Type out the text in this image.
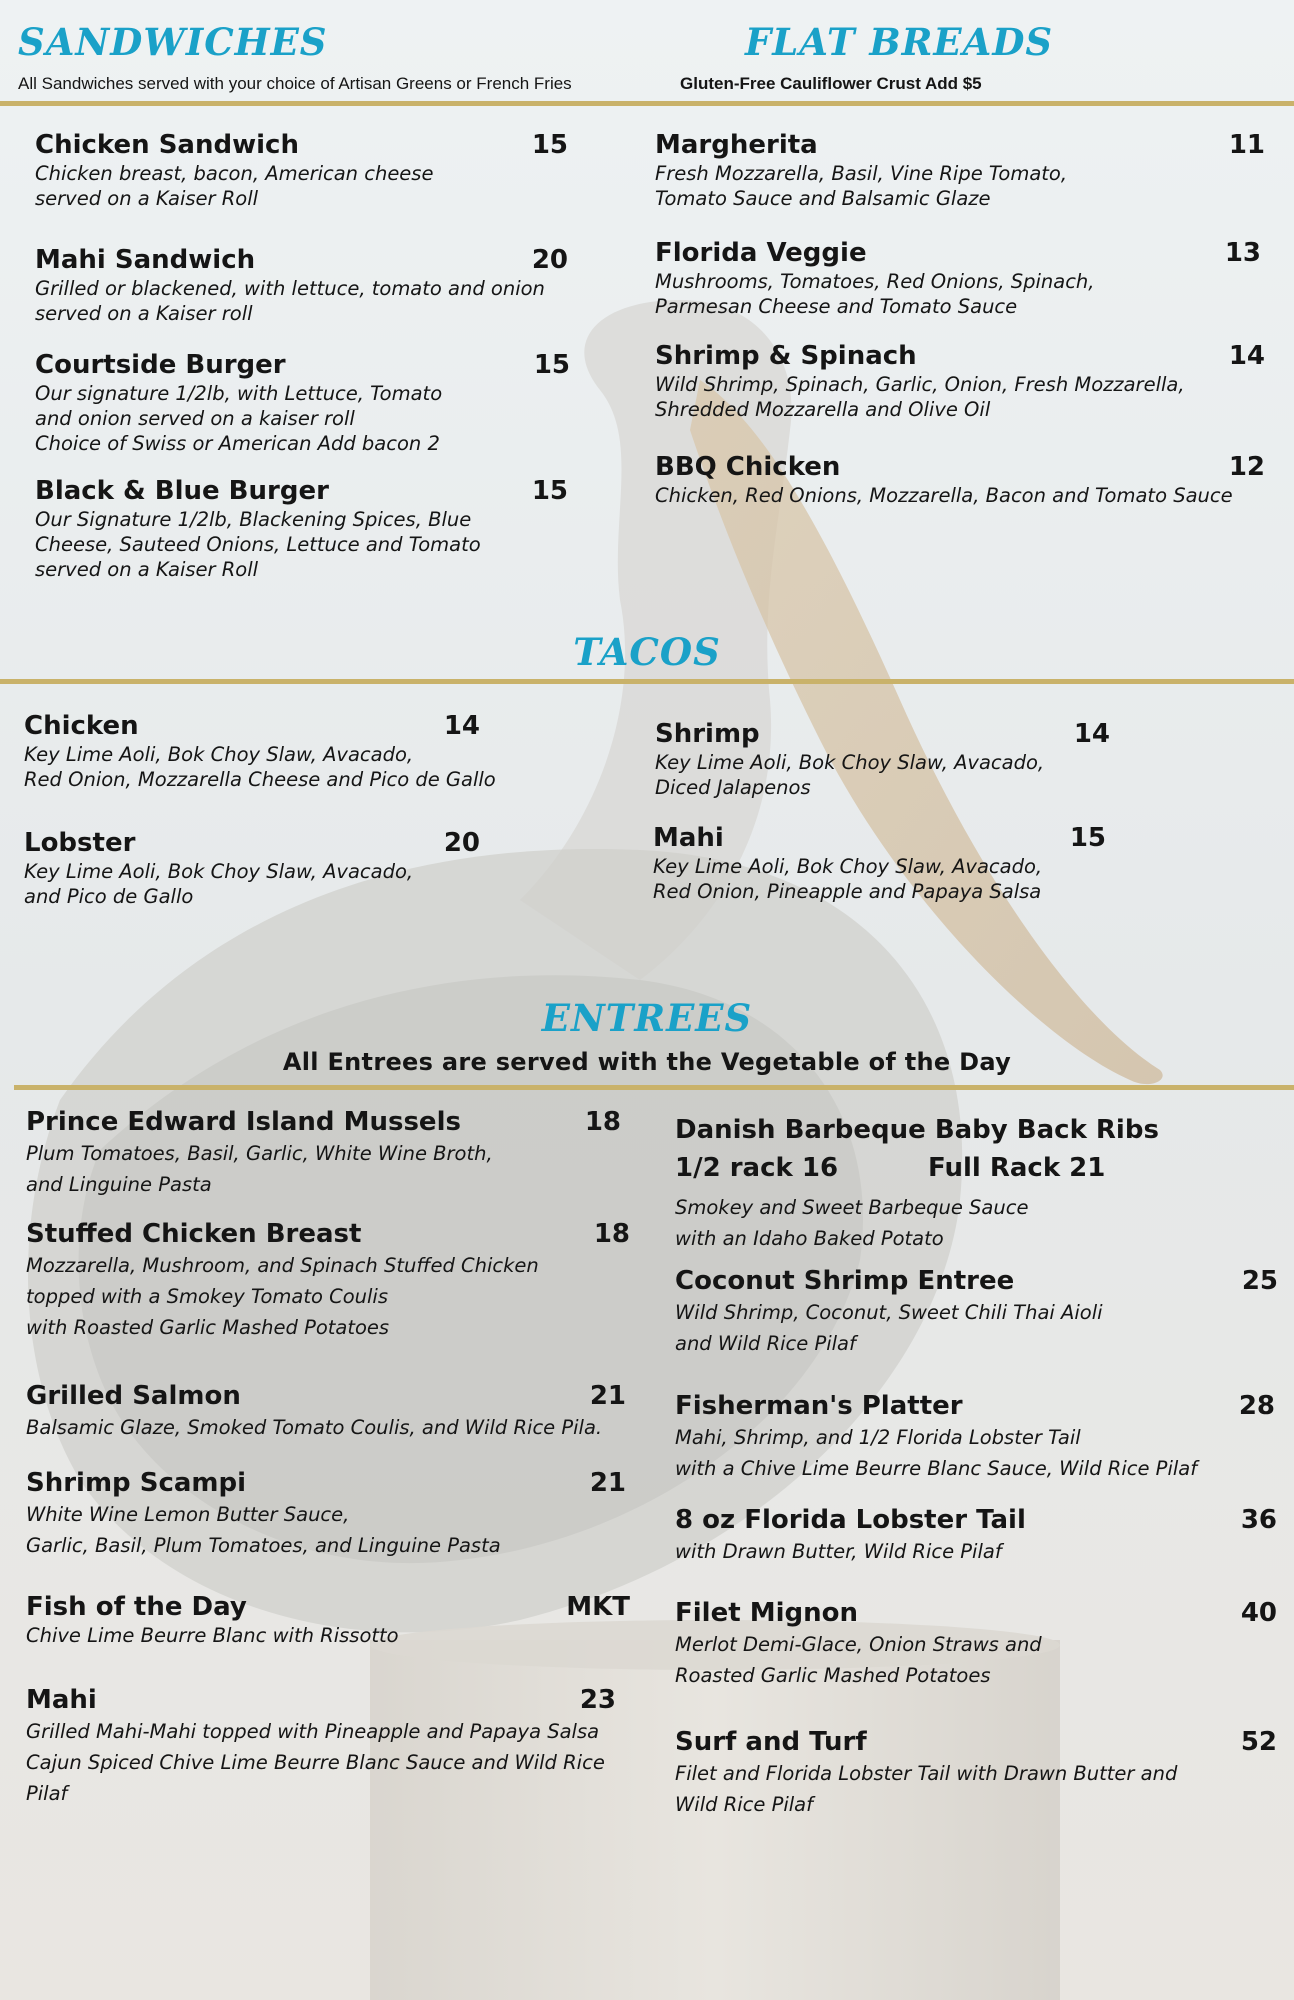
SANDWICHES
All Sandwiches served with your choice of Artisan Greens or French Fries
FLAT BREADS
Gluten-Free Cauliflower Crust Add $5
Chicken Sandwich	15
Chicken breast, bacon, American cheese
served on a Kaiser Roll
Mahi Sandwich	20
Grilled or blackened, with lettuce, tomato and onion
served on a Kaiser roll
Courtside Burger	15
Our signature 1/2lb, with Lettuce, Tomato
and onion served on a kaiser roll
Choice of Swiss or American Add bacon 2
Black & Blue Burger	15
Our Signature 1/2lb, Blackening Spices, Blue
Cheese, Sauteed Onions, Lettuce and Tomato
served on a Kaiser Roll
Margherita	11
Fresh Mozzarella, Basil, Vine Ripe Tomato,
Tomato Sauce and Balsamic Glaze
Florida Veggie	13
Mushrooms, Tomatoes, Red Onions, Spinach,
Parmesan Cheese and Tomato Sauce
Shrimp & Spinach	14
Wild Shrimp, Spinach, Garlic, Onion, Fresh Mozzarella,
Shredded Mozzarella and Olive Oil
BBQ Chicken	12
Chicken, Red Onions, Mozzarella, Bacon and Tomato Sauce
TACOS
Chicken	14
Key Lime Aoli, Bok Choy Slaw, Avacado,
Red Onion, Mozzarella Cheese and Pico de Gallo
Lobster	20
Key Lime Aoli, Bok Choy Slaw, Avacado,
and Pico de Gallo
Shrimp	14
Key Lime Aoli, Bok Choy Slaw, Avacado,
Diced Jalapenos
Mahi	15
Key Lime Aoli, Bok Choy Slaw, Avacado,
Red Onion, Pineapple and Papaya Salsa
ENTREES
All Entrees are served with the Vegetable of the Day
Prince Edward Island Mussels	18
Plum Tomatoes, Basil, Garlic, White Wine Broth,
and Linguine Pasta
Stuffed Chicken Breast	18
Mozzarella, Mushroom, and Spinach Stuffed Chicken
topped with a Smokey Tomato Coulis
with Roasted Garlic Mashed Potatoes
Grilled Salmon	21
Balsamic Glaze, Smoked Tomato Coulis, and Wild Rice Pila.
Shrimp Scampi	21
White Wine Lemon Butter Sauce,
Garlic, Basil, Plum Tomatoes, and Linguine Pasta
Fish of the Day	MKT
Chive Lime Beurre Blanc with Rissotto
Mahi	23
Grilled Mahi-Mahi topped with Pineapple and Papaya Salsa
Cajun Spiced Chive Lime Beurre Blanc Sauce and Wild Rice
Pilaf
Danish Barbeque Baby Back Ribs
1/2 rack 16	Full Rack 21
Smokey and Sweet Barbeque Sauce
with an Idaho Baked Potato
Coconut Shrimp Entree	25
Wild Shrimp, Coconut, Sweet Chili Thai Aioli
and Wild Rice Pilaf
Fisherman's Platter	28
Mahi, Shrimp, and 1/2 Florida Lobster Tail
with a Chive Lime Beurre Blanc Sauce, Wild Rice Pilaf
8 oz Florida Lobster Tail	36
with Drawn Butter, Wild Rice Pilaf
Filet Mignon	40
Merlot Demi-Glace, Onion Straws and
Roasted Garlic Mashed Potatoes
Surf and Turf	52
Filet and Florida Lobster Tail with Drawn Butter and
Wild Rice Pilaf
